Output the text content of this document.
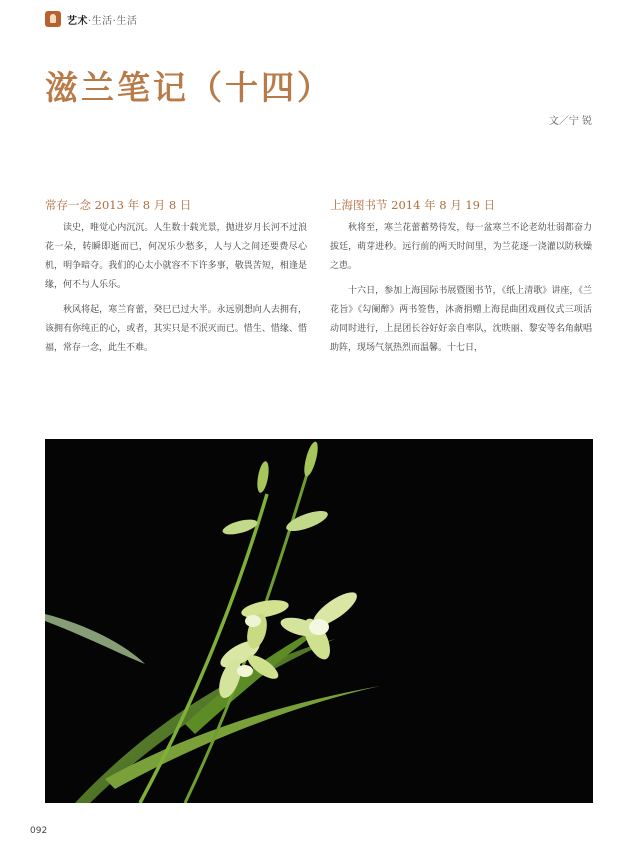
艺术·生活·生活
滋兰笔记（十四）
文／宁 锐
常存一念 2013 年 8 月 8 日

读史，唯觉心内沉沉。人生数十载光景，抛进岁月长河不过浪花一朵，转瞬即逝而已，何况乐少愁多，人与人之间还要费尽心机，明争暗夺。我们的心太小就容不下许多事，敬畏苦短，相逢是缘，何不与人乐乐。

秋风将起，寒兰育蕾，癸巳已过大半。永远别想向人去拥有，该拥有你纯正的心，或者，其实只是不泯灭而已。惜生、惜缘、惜福，常存一念，此生不难。

上海图书节 2014 年 8 月 19 日

秋将至，寒兰花蕾蓄势待发，每一盆寒兰不论老幼壮弱都奋力拔廷，萌芽进秒。远行前的两天时间里，为兰花逐一浇灌以防秋燥之患。

十六日，参加上海国际书展暨图书节，《纸上清歌》讲座，《兰花旨》《勾阑醉》两书签售，沐斋捐赠上海昆曲团戏画仪式三项活动同时进行，上昆团长谷好好亲自率队，沈昳丽、黎安等名角献唱助阵，现场气氛热烈而温馨。十七日，

092
